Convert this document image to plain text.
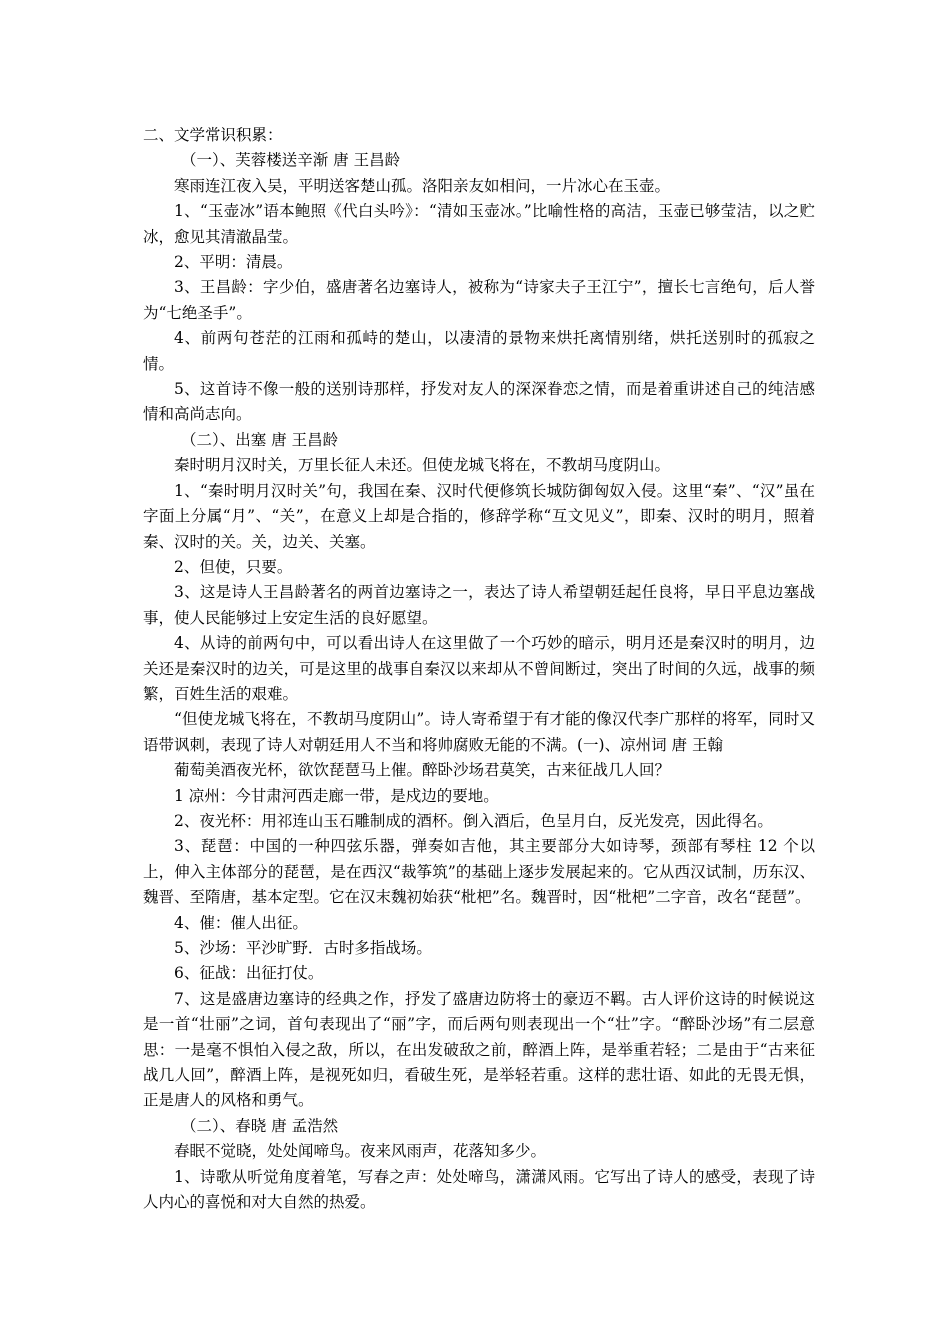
二、文学常识积累：

（一）、芙蓉楼送辛渐 唐 王昌龄

寒雨连江夜入吴，平明送客楚山孤。洛阳亲友如相问，一片冰心在玉壶。

1、“玉壶冰”语本鲍照《代白头吟》：“清如玉壶冰。”比喻性格的高洁，玉壶已够莹洁，以之贮冰，愈见其清澈晶莹。

2、平明：清晨。

3、王昌龄：字少伯，盛唐著名边塞诗人，被称为“诗家夫子王江宁”，擅长七言绝句，后人誉为“七绝圣手”。

4、前两句苍茫的江雨和孤峙的楚山，以凄清的景物来烘托离情别绪，烘托送别时的孤寂之情。

5、这首诗不像一般的送别诗那样，抒发对友人的深深眷恋之情，而是着重讲述自己的纯洁感情和高尚志向。

（二）、出塞 唐 王昌龄

秦时明月汉时关，万里长征人未还。但使龙城飞将在，不教胡马度阴山。

1、“秦时明月汉时关”句，我国在秦、汉时代便修筑长城防御匈奴入侵。这里“秦”、“汉”虽在字面上分属“月”、“关”，在意义上却是合指的，修辞学称“互文见义”，即秦、汉时的明月，照着秦、汉时的关。关，边关、关塞。

2、但使，只要。

3、这是诗人王昌龄著名的两首边塞诗之一，表达了诗人希望朝廷起任良将，早日平息边塞战事，使人民能够过上安定生活的良好愿望。

4、从诗的前两句中，可以看出诗人在这里做了一个巧妙的暗示，明月还是秦汉时的明月，边关还是秦汉时的边关，可是这里的战事自秦汉以来却从不曾间断过，突出了时间的久远，战事的频繁，百姓生活的艰难。

“但使龙城飞将在，不教胡马度阴山”。诗人寄希望于有才能的像汉代李广那样的将军，同时又语带讽刺，表现了诗人对朝廷用人不当和将帅腐败无能的不满。(一)、凉州词 唐 王翰

葡萄美酒夜光杯，欲饮琵琶马上催。醉卧沙场君莫笑，古来征战几人回？

1 凉州：今甘肃河西走廊一带，是戍边的要地。

2、夜光杯：用祁连山玉石雕制成的酒杯。倒入酒后，色呈月白，反光发亮，因此得名。

3、琵琶：中国的一种四弦乐器，弹奏如吉他，其主要部分大如诗琴，颈部有琴柱 12 个以上，伸入主体部分的琵琶，是在西汉“裁筝筑”的基础上逐步发展起来的。它从西汉试制，历东汉、魏晋、至隋唐，基本定型。它在汉末魏初始获“枇杷”名。魏晋时，因“枇杷”二字音，改名“琵琶”。

4、催：催人出征。

5、沙场：平沙旷野．古时多指战场。

6、征战：出征打仗。

7、这是盛唐边塞诗的经典之作，抒发了盛唐边防将士的豪迈不羁。古人评价这诗的时候说这是一首“壮丽”之词，首句表现出了“丽”字，而后两句则表现出一个“壮”字。“醉卧沙场”有二层意思：一是毫不惧怕入侵之敌，所以，在出发破敌之前，醉酒上阵，是举重若轻；二是由于“古来征战几人回”，醉酒上阵，是视死如归，看破生死，是举轻若重。这样的悲壮语、如此的无畏无惧，正是唐人的风格和勇气。

（二）、春晓 唐 孟浩然

春眠不觉晓，处处闻啼鸟。夜来风雨声，花落知多少。

1、诗歌从听觉角度着笔，写春之声：处处啼鸟，潇潇风雨。它写出了诗人的感受，表现了诗人内心的喜悦和对大自然的热爱。
